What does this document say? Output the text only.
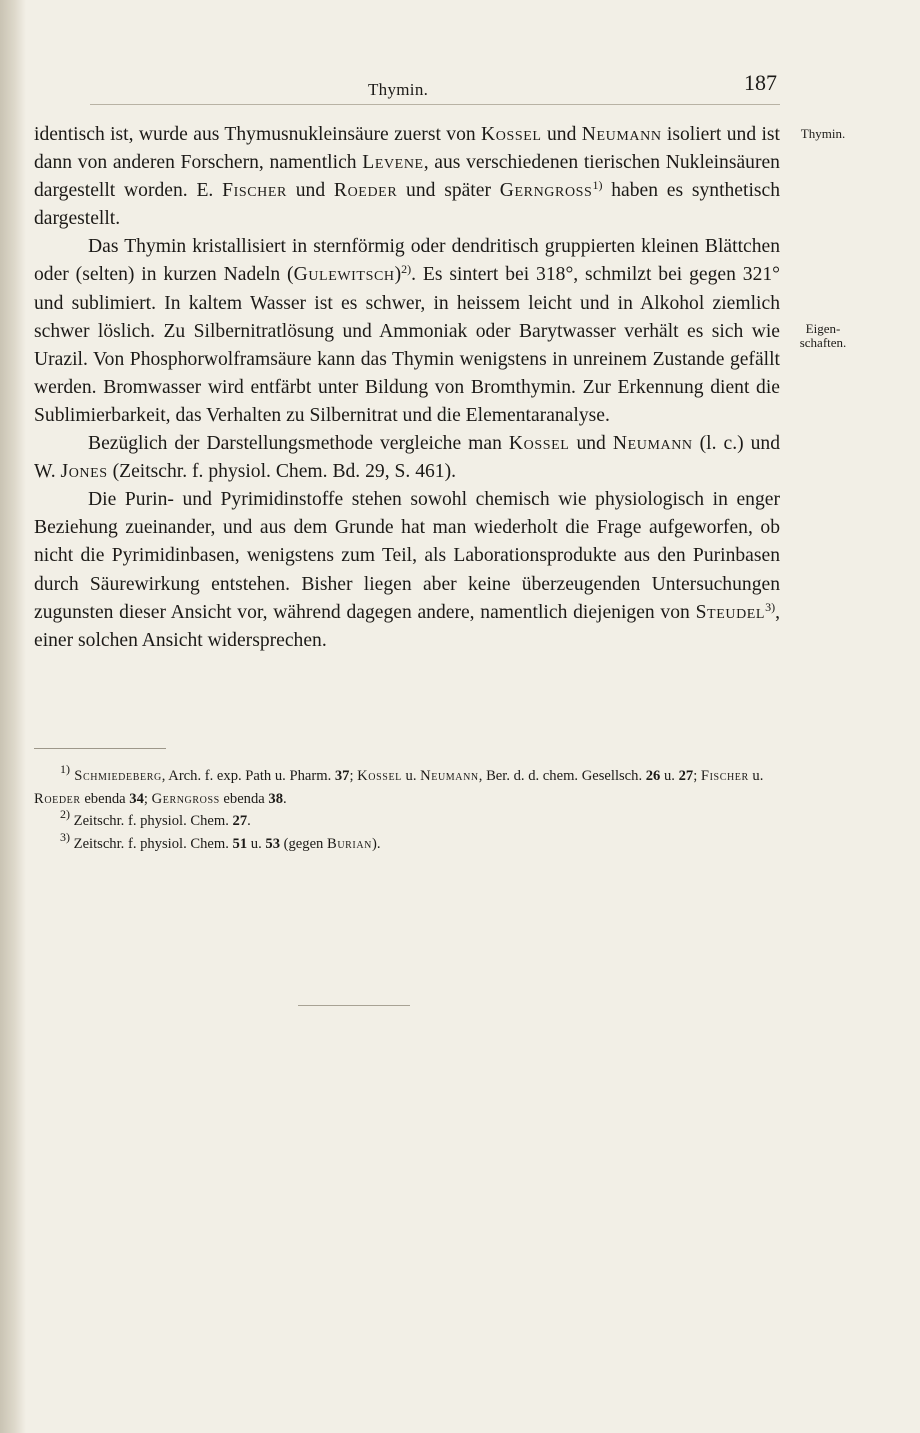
Thymin.	187
Thymin.
Eigen-
schaften.

identisch ist, wurde aus Thymusnukleinsäure zuerst von Kossel und Neumann isoliert und ist dann von anderen Forschern, namentlich Levene, aus verschiedenen tierischen Nukleinsäuren dargestellt worden. E. Fischer und Roeder und später Gerngross$^{1)}$ haben es synthetisch dargestellt.

Das Thymin kristallisiert in sternförmig oder dendritisch gruppierten kleinen Blättchen oder (selten) in kurzen Nadeln (Gulewitsch)$^{2)}$. Es sintert bei 318°, schmilzt bei gegen 321° und sublimiert. In kaltem Wasser ist es schwer, in heissem leicht und in Alkohol ziemlich schwer löslich. Zu Silbernitratlösung und Ammoniak oder Barytwasser verhält es sich wie Urazil. Von Phosphorwolframsäure kann das Thymin wenigstens in unreinem Zustande gefällt werden. Bromwasser wird entfärbt unter Bildung von Bromthymin. Zur Erkennung dient die Sublimierbarkeit, das Verhalten zu Silbernitrat und die Elementaranalyse.

Bezüglich der Darstellungsmethode vergleiche man Kossel und Neumann (l. c.) und W. Jones (Zeitschr. f. physiol. Chem. Bd. 29, S. 461).

Die Purin- und Pyrimidinstoffe stehen sowohl chemisch wie physiologisch in enger Beziehung zueinander, und aus dem Grunde hat man wiederholt die Frage aufgeworfen, ob nicht die Pyrimidinbasen, wenigstens zum Teil, als Laborationsprodukte aus den Purinbasen durch Säurewirkung entstehen. Bisher liegen aber keine überzeugenden Untersuchungen zugunsten dieser Ansicht vor, während dagegen andere, namentlich diejenigen von Steudel$^{3)}$, einer solchen Ansicht widersprechen.

$^{1)}$ Schmiedeberg, Arch. f. exp. Path u. Pharm. 37; Kossel u. Neumann, Ber. d. d. chem. Gesellsch. 26 u. 27; Fischer u. Roeder ebenda 34; Gerngross ebenda 38.

$^{2)}$ Zeitschr. f. physiol. Chem. 27.

$^{3)}$ Zeitschr. f. physiol. Chem. 51 u. 53 (gegen Burian).
